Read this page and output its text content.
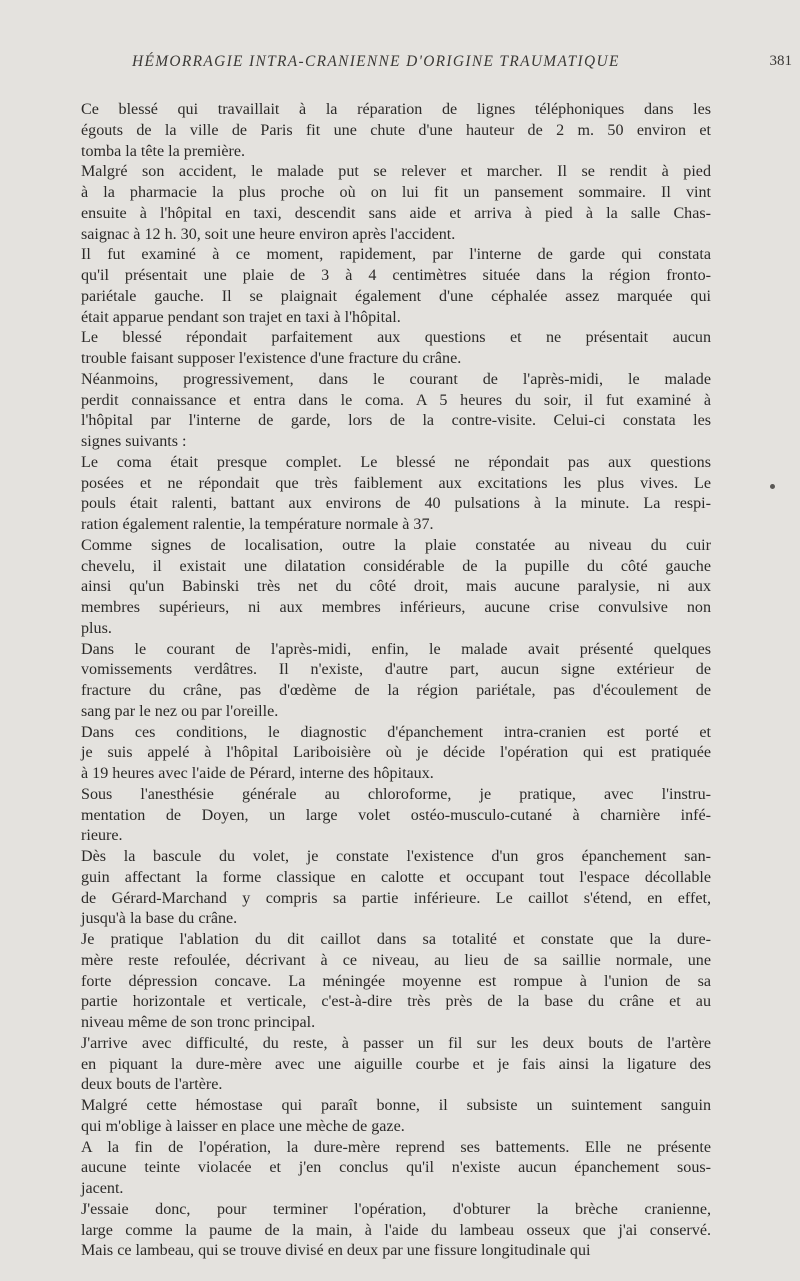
HÉMORRAGIE INTRA-CRANIENNE D'ORIGINE TRAUMATIQUE	381
Ce blessé qui travaillait à la réparation de lignes téléphoniques dans les
égouts de la ville de Paris fit une chute d'une hauteur de 2 m. 50 environ et
tomba la tête la première.
Malgré son accident, le malade put se relever et marcher. Il se rendit à pied
à la pharmacie la plus proche où on lui fit un pansement sommaire. Il vint
ensuite à l'hôpital en taxi, descendit sans aide et arriva à pied à la salle Chas-
saignac à 12 h. 30, soit une heure environ après l'accident.
Il fut examiné à ce moment, rapidement, par l'interne de garde qui constata
qu'il présentait une plaie de 3 à 4 centimètres située dans la région fronto-
pariétale gauche. Il se plaignait également d'une céphalée assez marquée qui
était apparue pendant son trajet en taxi à l'hôpital.
Le blessé répondait parfaitement aux questions et ne présentait aucun
trouble faisant supposer l'existence d'une fracture du crâne.
Néanmoins, progressivement, dans le courant de l'après-midi, le malade
perdit connaissance et entra dans le coma. A 5 heures du soir, il fut examiné à
l'hôpital par l'interne de garde, lors de la contre-visite. Celui-ci constata les
signes suivants :
Le coma était presque complet. Le blessé ne répondait pas aux questions
posées et ne répondait que très faiblement aux excitations les plus vives. Le
pouls était ralenti, battant aux environs de 40 pulsations à la minute. La respi-
ration également ralentie, la température normale à 37.
Comme signes de localisation, outre la plaie constatée au niveau du cuir
chevelu, il existait une dilatation considérable de la pupille du côté gauche
ainsi qu'un Babinski très net du côté droit, mais aucune paralysie, ni aux
membres supérieurs, ni aux membres inférieurs, aucune crise convulsive non
plus.
Dans le courant de l'après-midi, enfin, le malade avait présenté quelques
vomissements verdâtres. Il n'existe, d'autre part, aucun signe extérieur de
fracture du crâne, pas d'œdème de la région pariétale, pas d'écoulement de
sang par le nez ou par l'oreille.
Dans ces conditions, le diagnostic d'épanchement intra-cranien est porté et
je suis appelé à l'hôpital Lariboisière où je décide l'opération qui est pratiquée
à 19 heures avec l'aide de Pérard, interne des hôpitaux.
Sous l'anesthésie générale au chloroforme, je pratique, avec l'instru-
mentation de Doyen, un large volet ostéo-musculo-cutané à charnière infé-
rieure.
Dès la bascule du volet, je constate l'existence d'un gros épanchement san-
guin affectant la forme classique en calotte et occupant tout l'espace décollable
de Gérard-Marchand y compris sa partie inférieure. Le caillot s'étend, en effet,
jusqu'à la base du crâne.
Je pratique l'ablation du dit caillot dans sa totalité et constate que la dure-
mère reste refoulée, décrivant à ce niveau, au lieu de sa saillie normale, une
forte dépression concave. La méningée moyenne est rompue à l'union de sa
partie horizontale et verticale, c'est-à-dire très près de la base du crâne et au
niveau même de son tronc principal.
J'arrive avec difficulté, du reste, à passer un fil sur les deux bouts de l'artère
en piquant la dure-mère avec une aiguille courbe et je fais ainsi la ligature des
deux bouts de l'artère.
Malgré cette hémostase qui paraît bonne, il subsiste un suintement sanguin
qui m'oblige à laisser en place une mèche de gaze.
A la fin de l'opération, la dure-mère reprend ses battements. Elle ne présente
aucune teinte violacée et j'en conclus qu'il n'existe aucun épanchement sous-
jacent.
J'essaie donc, pour terminer l'opération, d'obturer la brèche cranienne,
large comme la paume de la main, à l'aide du lambeau osseux que j'ai conservé.
Mais ce lambeau, qui se trouve divisé en deux par une fissure longitudinale qui
